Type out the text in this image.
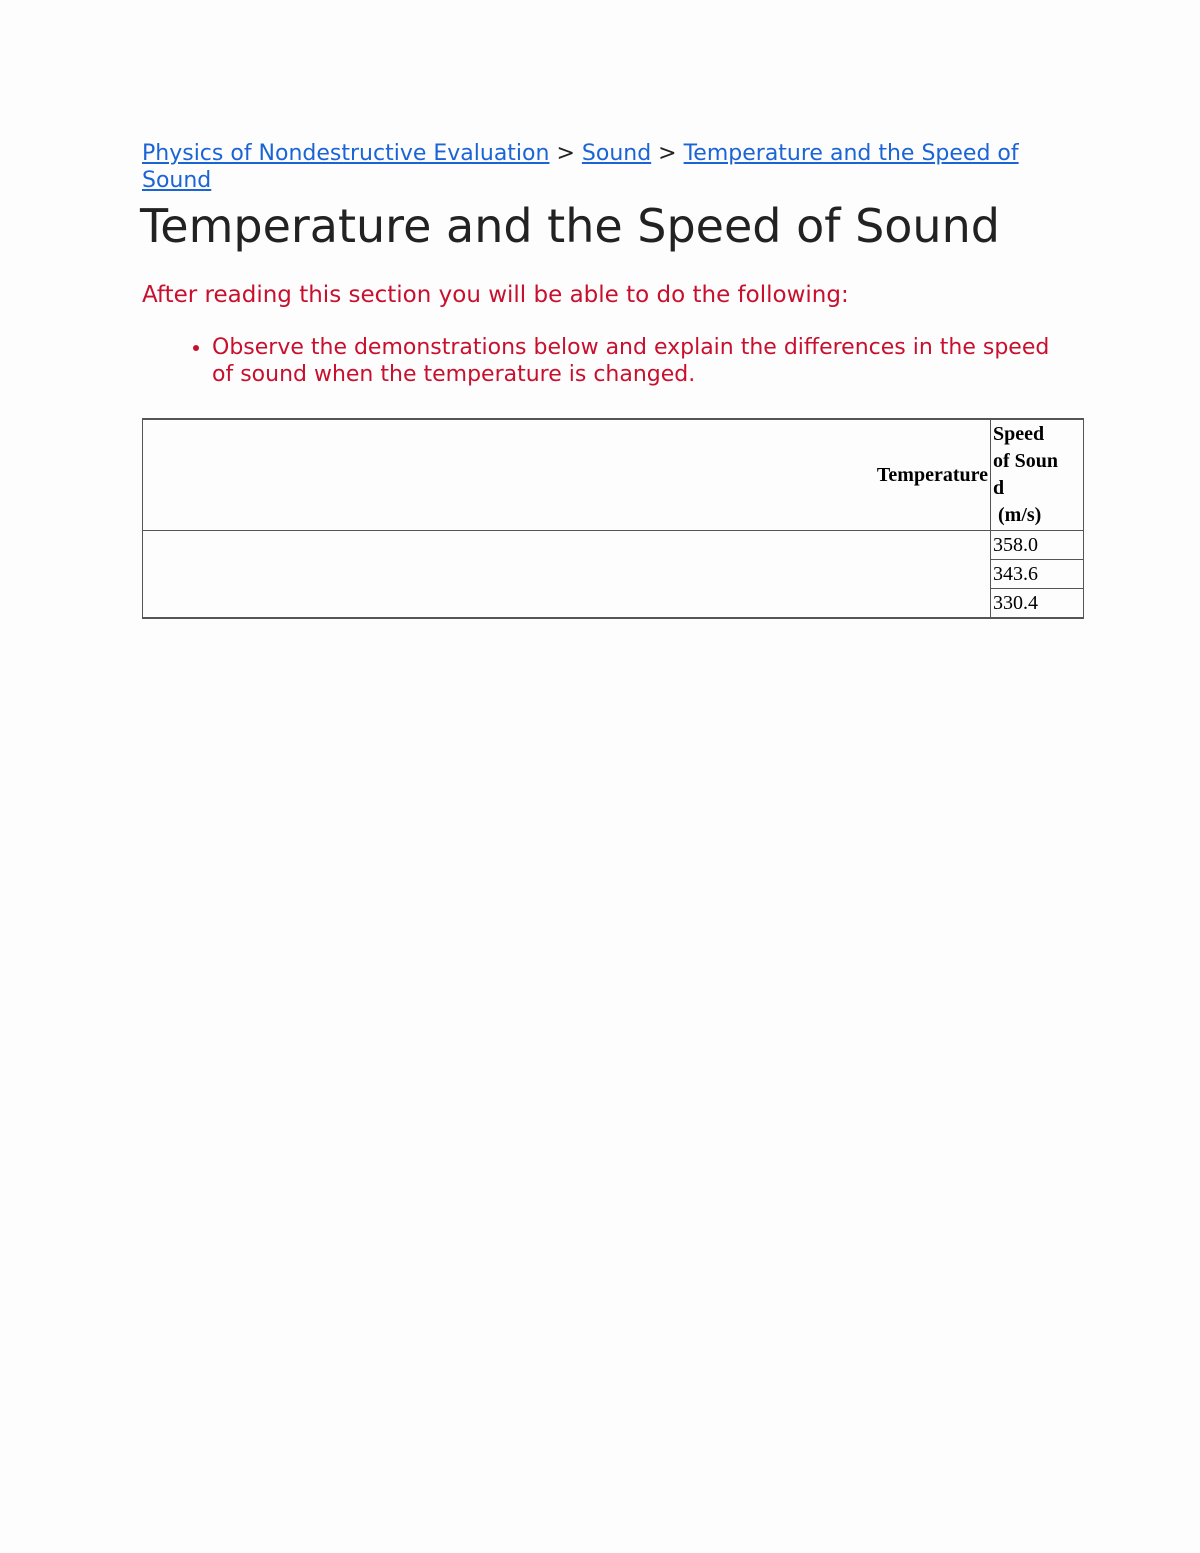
Physics of Nondestructive Evaluation > Sound > Temperature and the Speed of Sound

Temperature and the Speed of Sound

After reading this section you will be able to do the following:

• Observe the demonstrations below and explain the differences in the speed of sound when the temperature is changed.
Temperature	Speed
of Soun
d
(m/s)
	358.0
	343.6
	330.4
